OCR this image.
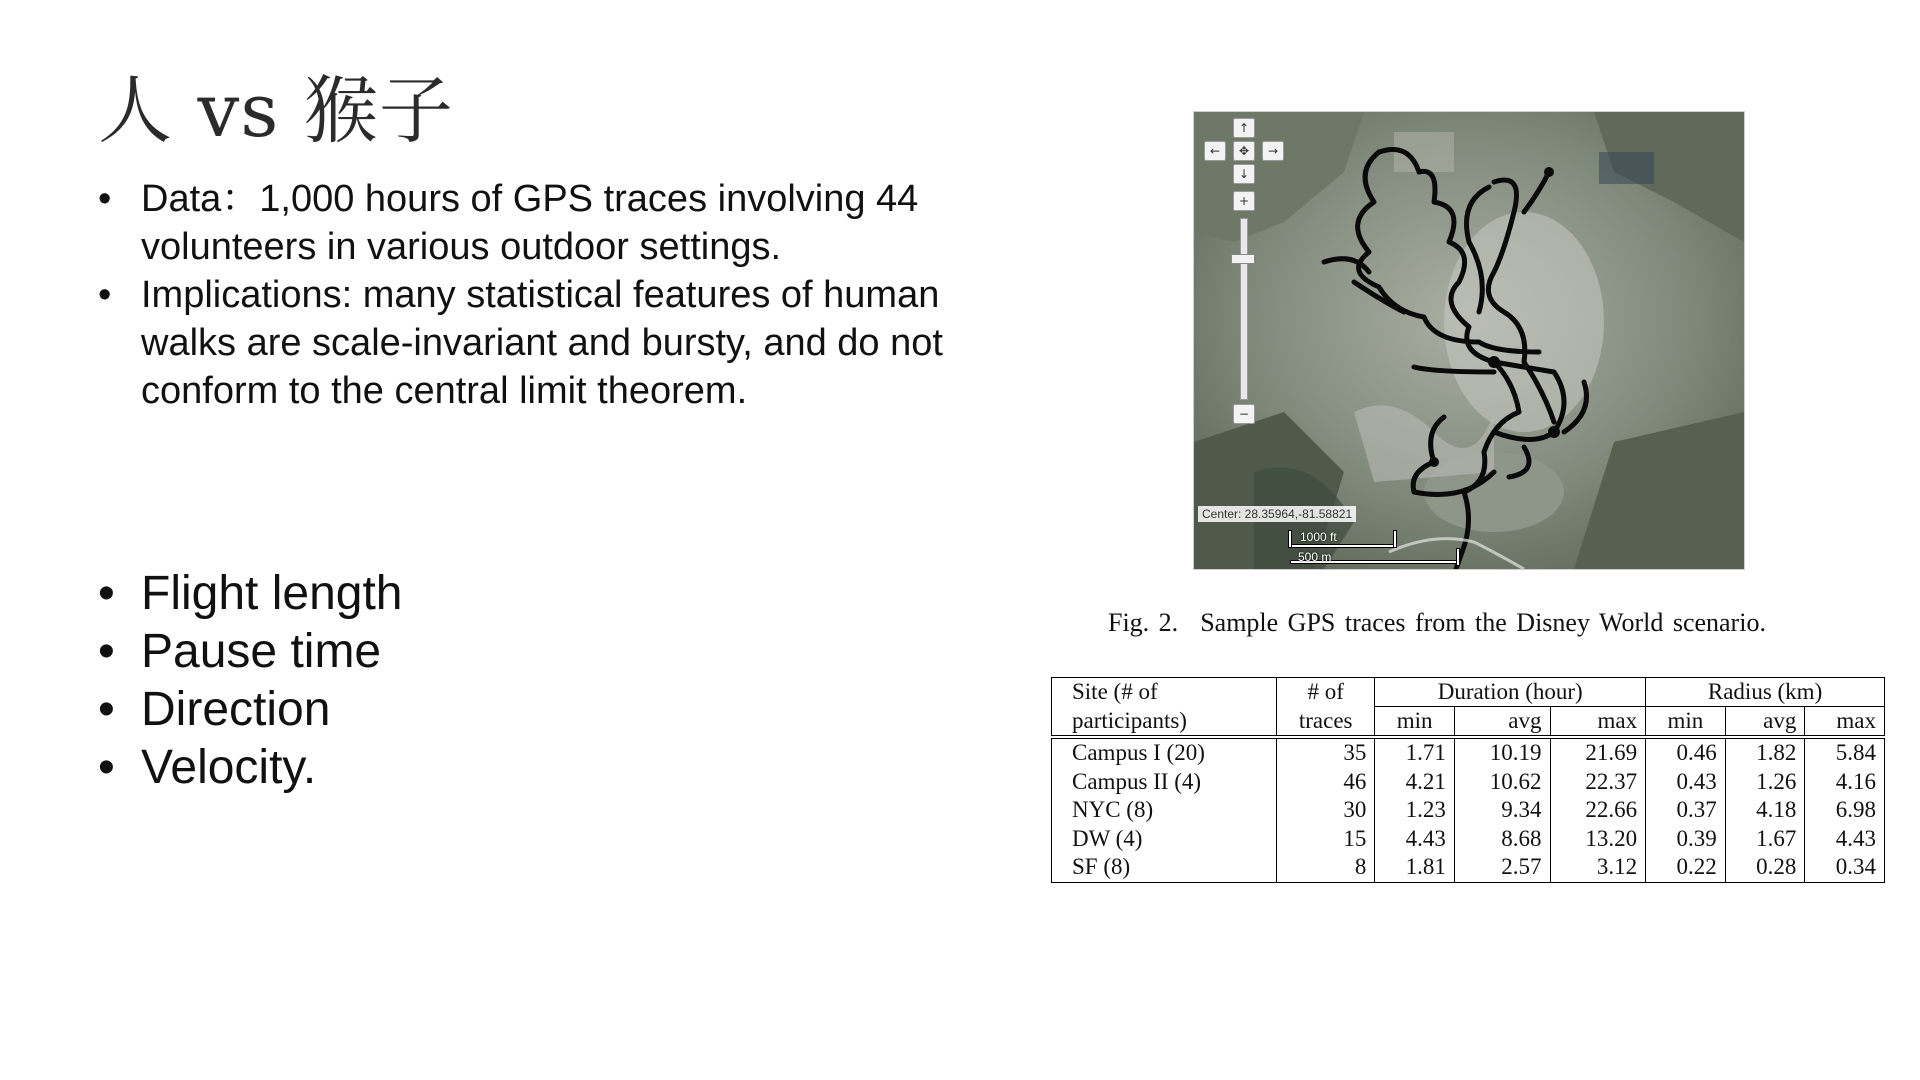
人 vs 猴子
• Data：1,000 hours of GPS traces involving 44 volunteers in various outdoor settings.
• Implications: many statistical features of human walks are scale-invariant and bursty, and do not conform to the central limit theorem.
• Flight length
• Pause time
• Direction
• Velocity.
↑
←	✥	→
↓
+
−
Center: 28.35964,-81.58821
1000 ft
500 m
Fig. 2. Sample GPS traces from the Disney World scenario.
Site (# of	# of	Duration (hour)			Radius (km)		
participants)	traces	min	avg	max	min	avg	max
Campus I (20)	35	1.71	10.19	21.69	0.46	1.82	5.84
Campus II (4)	46	4.21	10.62	22.37	0.43	1.26	4.16
NYC (8)	30	1.23	9.34	22.66	0.37	4.18	6.98
DW (4)	15	4.43	8.68	13.20	0.39	1.67	4.43
SF (8)	8	1.81	2.57	3.12	0.22	0.28	0.34
